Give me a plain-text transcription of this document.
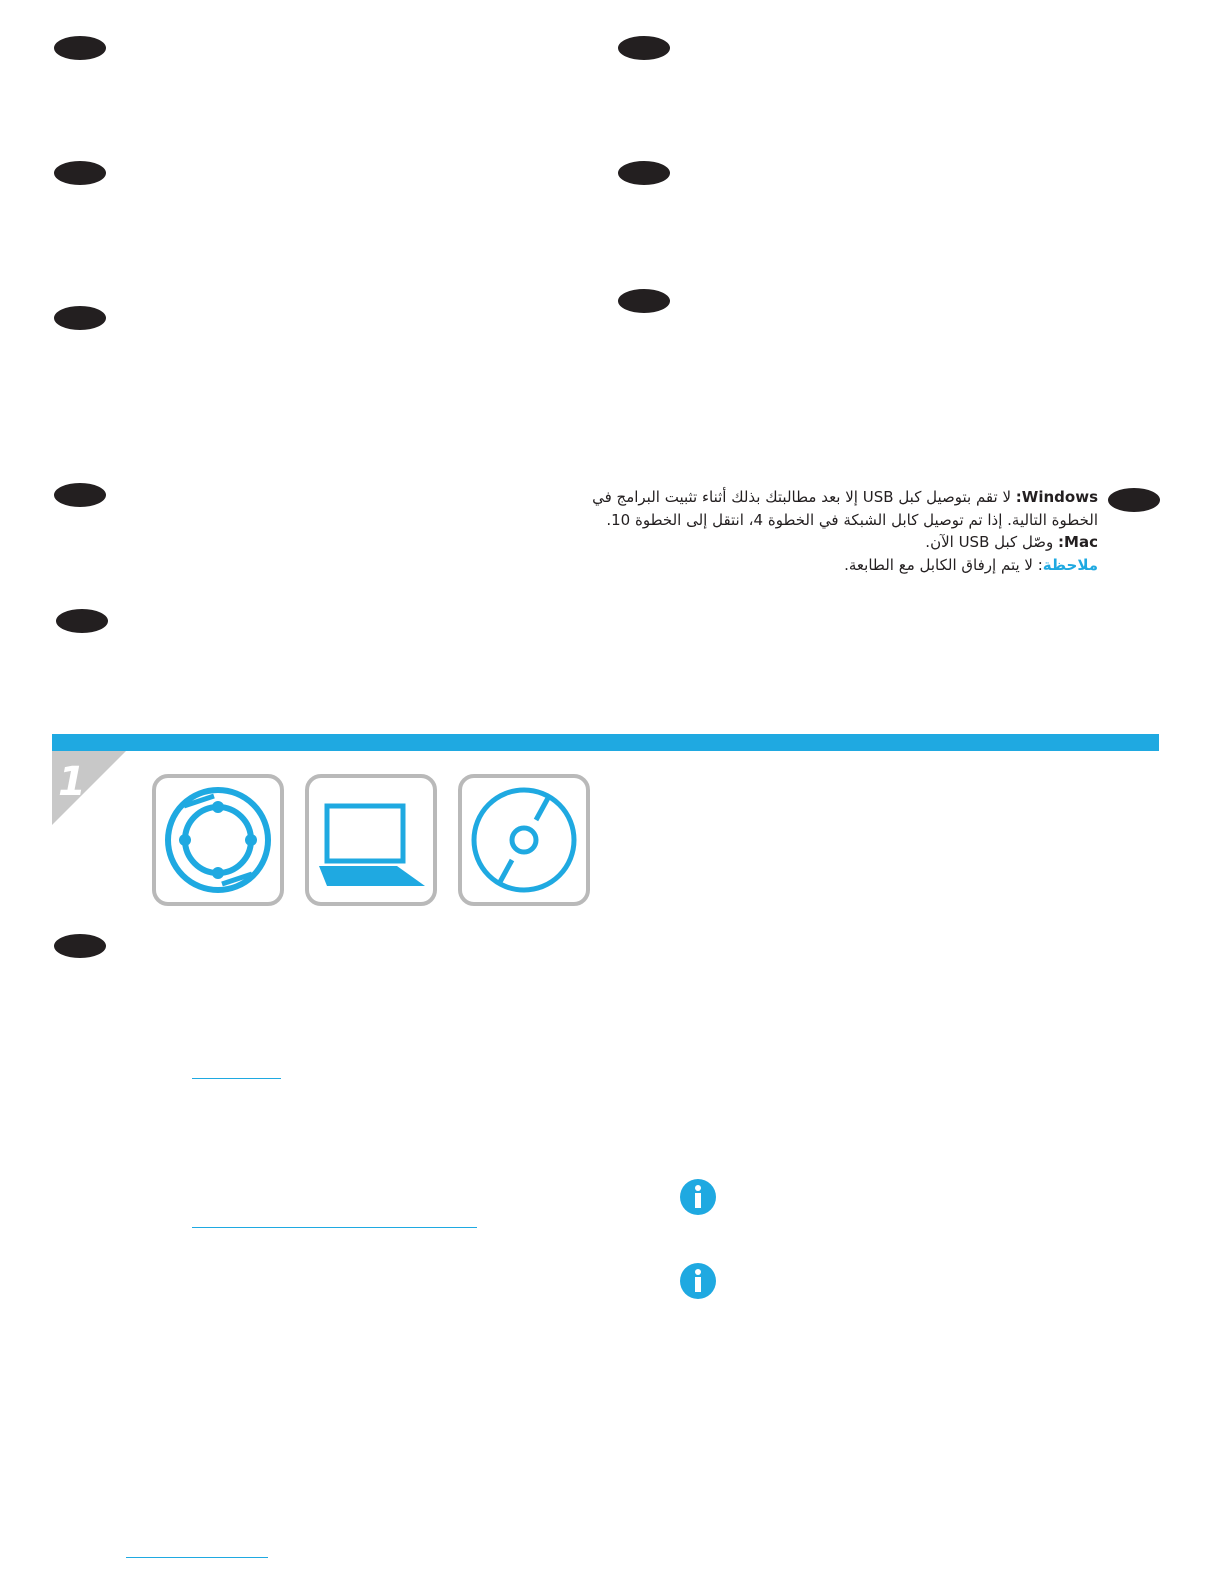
Windows: لا تقم بتوصيل كبل USB إلا بعد مطالبتك بذلك أثناء تثبيت البرامج في الخطوة التالية. إذا تم توصيل كابل الشبكة في الخطوة 4، انتقل إلى الخطوة 10.

Mac: وصّل كبل USB الآن.

ملاحظة: لا يتم إرفاق الكابل مع الطابعة.

1
